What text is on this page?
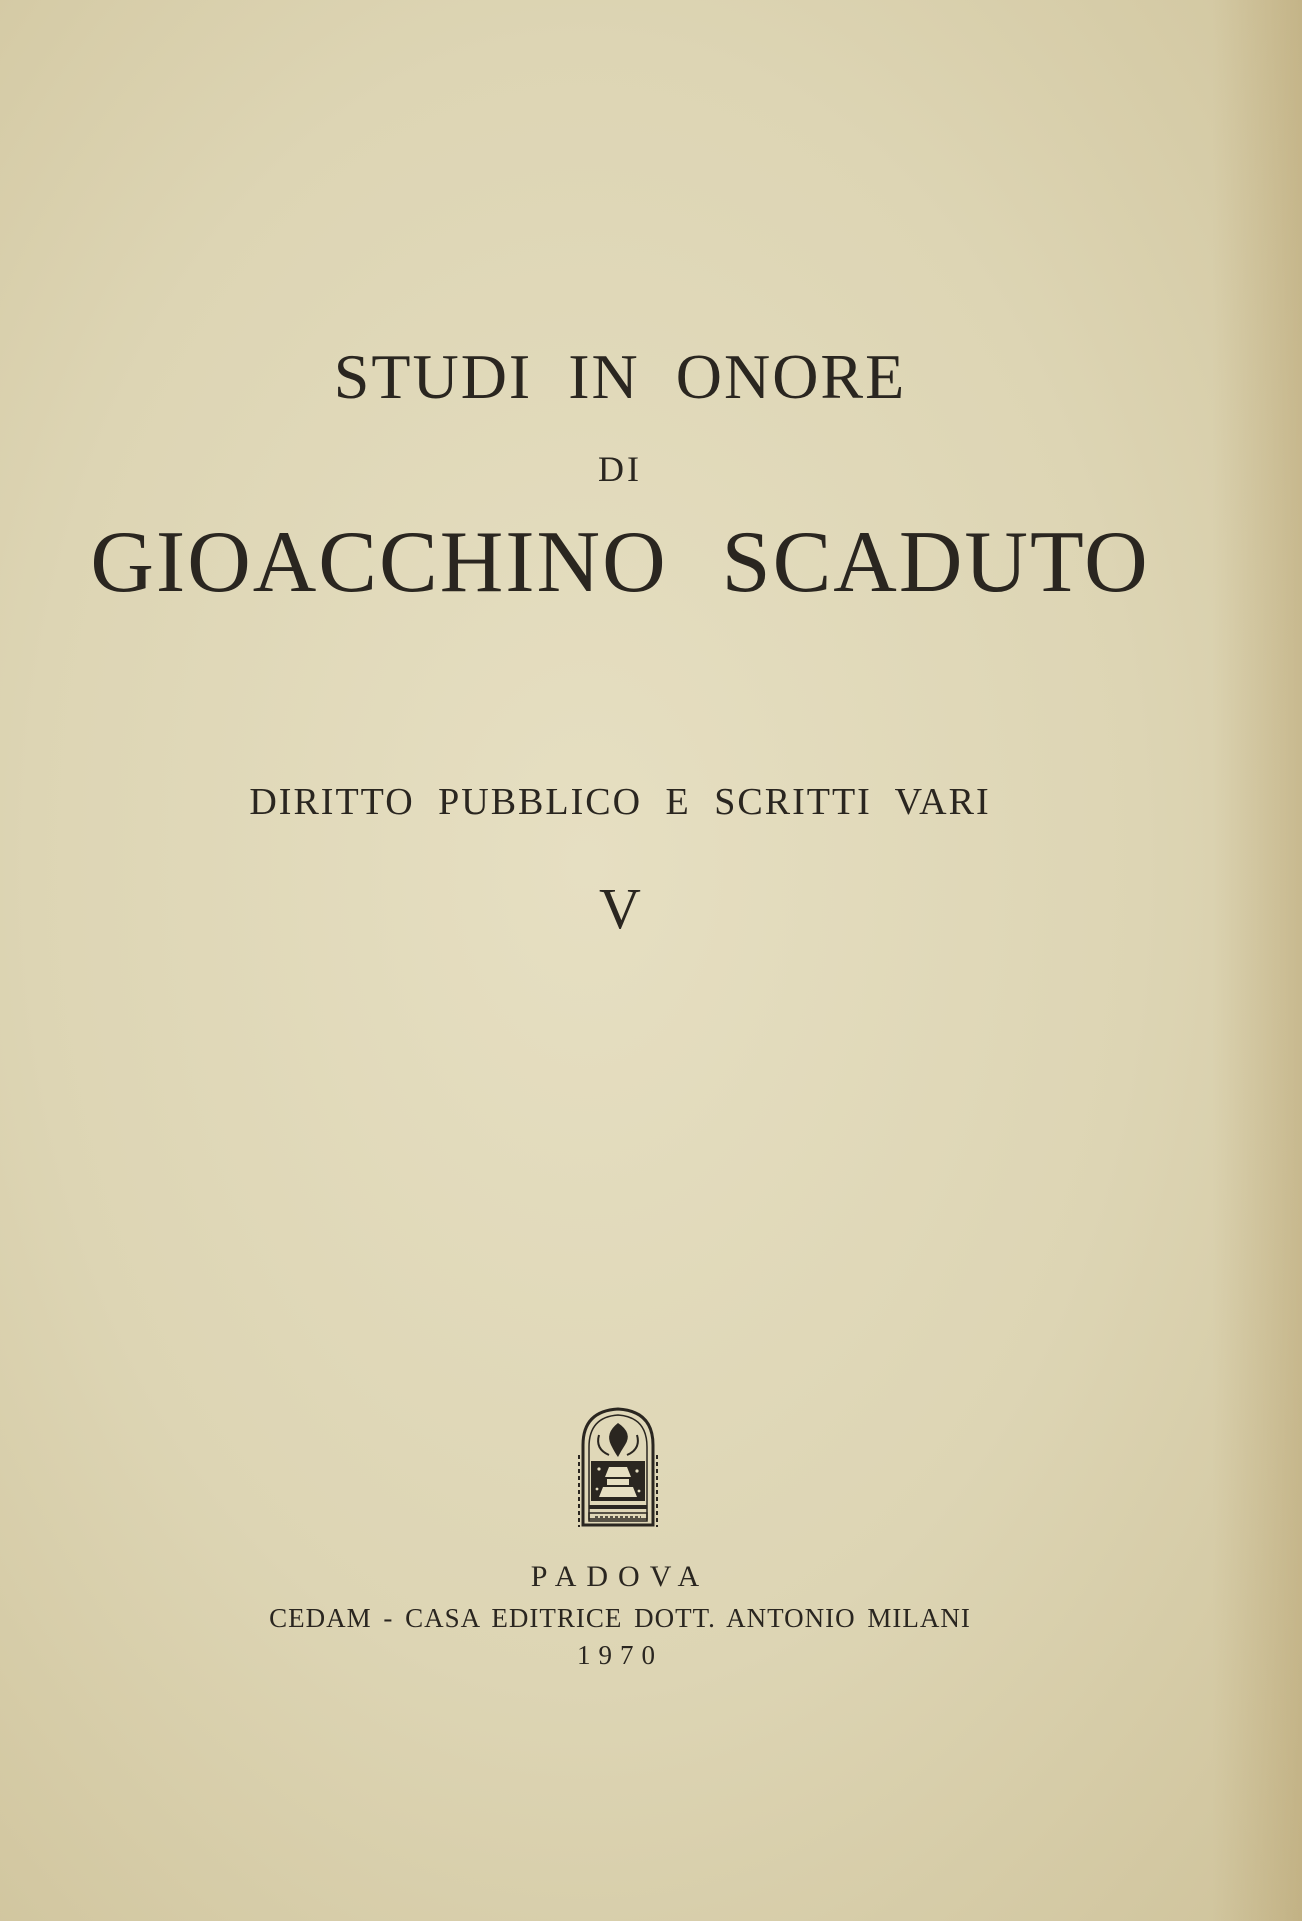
STUDI IN ONORE
DI
GIOACCHINO SCADUTO
DIRITTO PUBBLICO E SCRITTI VARI
V
PADOVA
CEDAM - CASA EDITRICE DOTT. ANTONIO MILANI
1970
